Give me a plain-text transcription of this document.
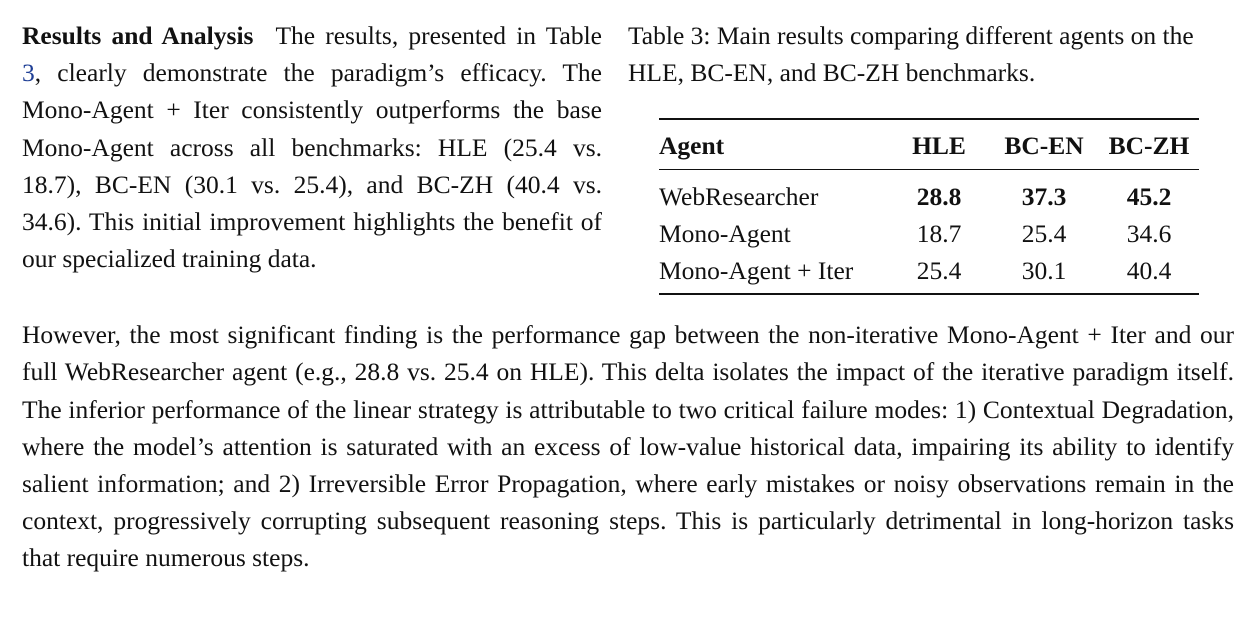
Results and Analysis The results, presented in Table 3, clearly demonstrate the paradigm’s efficacy. The Mono-Agent + Iter consistently outperforms the base Mono-Agent across all benchmarks: HLE (25.4 vs. 18.7), BC-EN (30.1 vs. 25.4), and BC-ZH (40.4 vs. 34.6). This initial improvement highlights the benefit of our specialized training data.

Table 3: Main results comparing different agents on the HLE, BC-EN, and BC-ZH benchmarks.

Agent	HLE	BC-EN	BC-ZH
WebResearcher	28.8	37.3	45.2
Mono-Agent	18.7	25.4	34.6
Mono-Agent + Iter	25.4	30.1	40.4
However, the most significant finding is the performance gap between the non-iterative Mono-Agent + Iter and our full WebResearcher agent (e.g., 28.8 vs. 25.4 on HLE). This delta isolates the impact of the iterative paradigm itself. The inferior performance of the linear strategy is attributable to two critical failure modes: 1) Contextual Degradation, where the model’s attention is saturated with an excess of low-value historical data, impairing its ability to identify salient information; and 2) Irreversible Error Propagation, where early mistakes or noisy observations remain in the context, progressively corrupting subsequent reasoning steps. This is particularly detrimental in long-horizon tasks that require numerous steps.
